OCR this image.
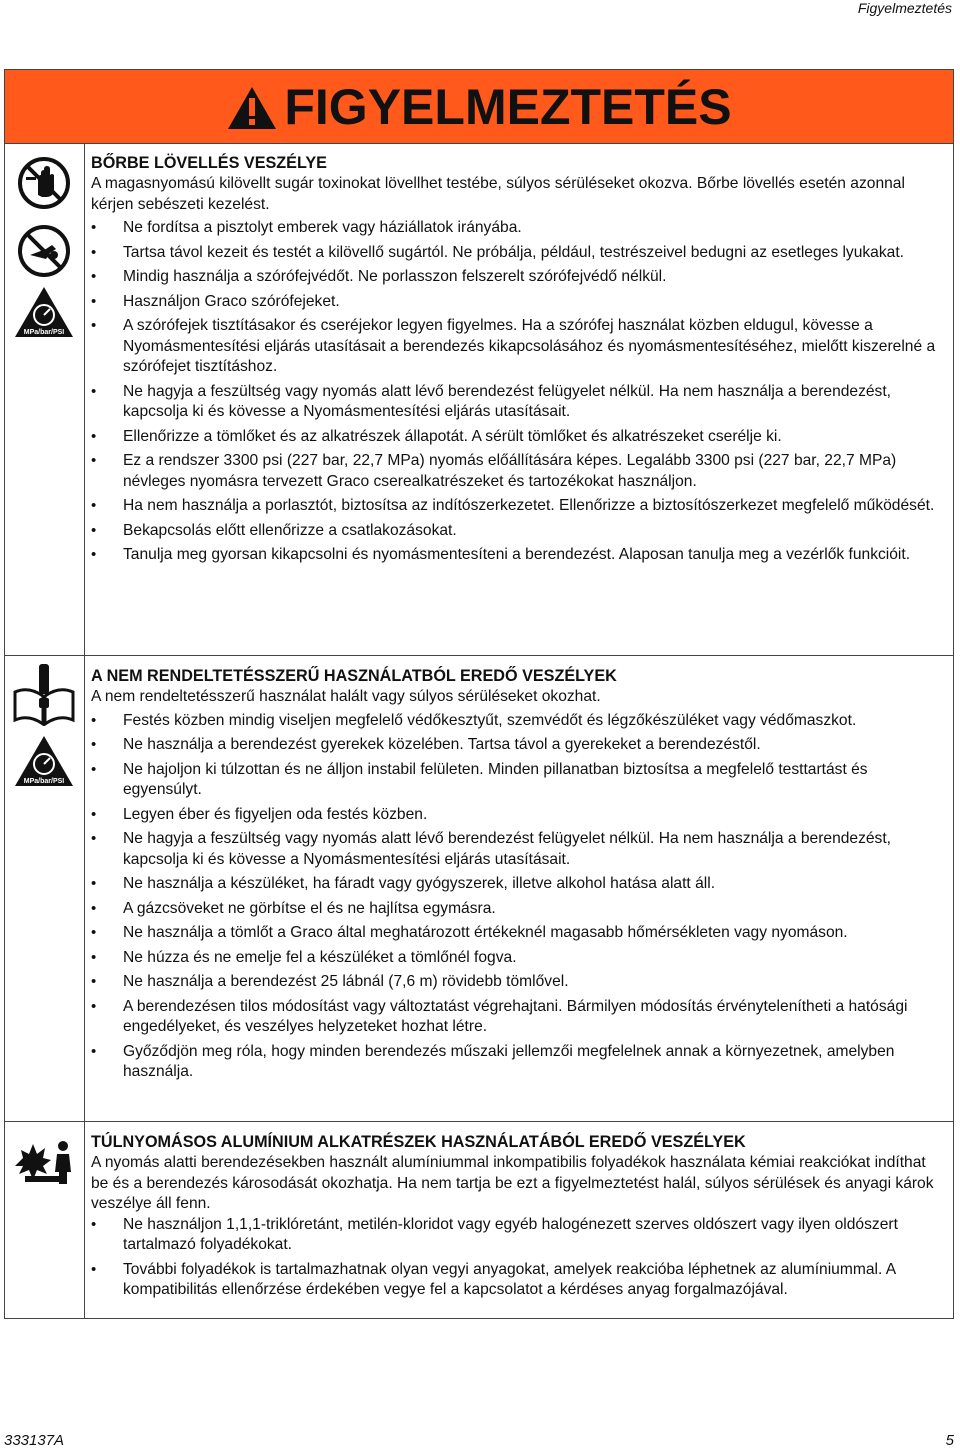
Figyelmeztetés
FIGYELMEZTETÉS
MPa/bar/PSI
BŐRBE LÖVELLÉS VESZÉLYE

A magasnyomású kilövellt sugár toxinokat lövellhet testébe, súlyos sérüléseket okozva. Bőrbe lövellés esetén azonnal kérjen sebészeti kezelést.

• Ne fordítsa a pisztolyt emberek vagy háziállatok irányába.
• Tartsa távol kezeit és testét a kilövellő sugártól. Ne próbálja, például, testrészeivel bedugni az esetleges lyukakat.
• Mindig használja a szórófejvédőt. Ne porlasszon felszerelt szórófejvédő nélkül.
• Használjon Graco szórófejeket.
• A szórófejek tisztításakor és cseréjekor legyen figyelmes. Ha a szórófej használat közben eldugul, kövesse a Nyomásmentesítési eljárás utasításait a berendezés kikapcsolásához és nyomásmentesítéséhez, mielőtt kiszerelné a szórófejet tisztításhoz.
• Ne hagyja a feszültség vagy nyomás alatt lévő berendezést felügyelet nélkül. Ha nem használja a berendezést, kapcsolja ki és kövesse a Nyomásmentesítési eljárás utasításait.
• Ellenőrizze a tömlőket és az alkatrészek állapotát. A sérült tömlőket és alkatrészeket cserélje ki.
• Ez a rendszer 3300 psi (227 bar, 22,7 MPa) nyomás előállítására képes. Legalább 3300 psi (227 bar, 22,7 MPa) névleges nyomásra tervezett Graco cserealkatrészeket és tartozékokat használjon.
• Ha nem használja a porlasztót, biztosítsa az indítószerkezetet. Ellenőrizze a biztosítószerkezet megfelelő működését.
• Bekapcsolás előtt ellenőrizze a csatlakozásokat.
• Tanulja meg gyorsan kikapcsolni és nyomásmentesíteni a berendezést. Alaposan tanulja meg a vezérlők funkcióit.
MPa/bar/PSI
A NEM RENDELTETÉSSZERŰ HASZNÁLATBÓL EREDŐ VESZÉLYEK

A nem rendeltetésszerű használat halált vagy súlyos sérüléseket okozhat.

• Festés közben mindig viseljen megfelelő védőkesztyűt, szemvédőt és légzőkészüléket vagy védőmaszkot.
• Ne használja a berendezést gyerekek közelében. Tartsa távol a gyerekeket a berendezéstől.
• Ne hajoljon ki túlzottan és ne álljon instabil felületen. Minden pillanatban biztosítsa a megfelelő testtartást és egyensúlyt.
• Legyen éber és figyeljen oda festés közben.
• Ne hagyja a feszültség vagy nyomás alatt lévő berendezést felügyelet nélkül. Ha nem használja a berendezést, kapcsolja ki és kövesse a Nyomásmentesítési eljárás utasításait.
• Ne használja a készüléket, ha fáradt vagy gyógyszerek, illetve alkohol hatása alatt áll.
• A gázcsöveket ne görbítse el és ne hajlítsa egymásra.
• Ne használja a tömlőt a Graco által meghatározott értékeknél magasabb hőmérsékleten vagy nyomáson.
• Ne húzza és ne emelje fel a készüléket a tömlőnél fogva.
• Ne használja a berendezést 25 lábnál (7,6 m) rövidebb tömlővel.
• A berendezésen tilos módosítást vagy változtatást végrehajtani. Bármilyen módosítás érvénytelenítheti a hatósági engedélyeket, és veszélyes helyzeteket hozhat létre.
• Győződjön meg róla, hogy minden berendezés műszaki jellemzői megfelelnek annak a környezetnek, amelyben használja.
TÚLNYOMÁSOS ALUMÍNIUM ALKATRÉSZEK HASZNÁLATÁBÓL EREDŐ VESZÉLYEK

A nyomás alatti berendezésekben használt alumíniummal inkompatibilis folyadékok használata kémiai reakciókat indíthat be és a berendezés károsodását okozhatja. Ha nem tartja be ezt a figyelmeztetést halál, súlyos sérülések és anyagi károk veszélye áll fenn.

• Ne használjon 1,1,1-triklóretánt, metilén-kloridot vagy egyéb halogénezett szerves oldószert vagy ilyen oldószert tartalmazó folyadékokat.
• További folyadékok is tartalmazhatnak olyan vegyi anyagokat, amelyek reakcióba léphetnek az alumíniummal. A kompatibilitás ellenőrzése érdekében vegye fel a kapcsolatot a kérdéses anyag forgalmazójával.
333137A	5
